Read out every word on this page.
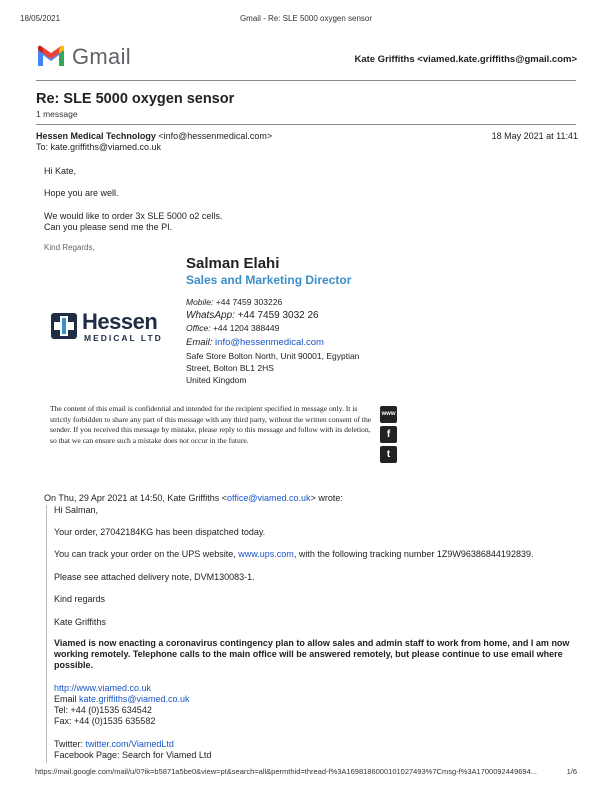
18/05/2021	Gmail - Re: SLE 5000 oxygen sensor
Gmail	Kate Griffiths <viamed.kate.griffiths@gmail.com>
Re: SLE 5000 oxygen sensor
1 message
Hessen Medical Technology <info@hessenmedical.com>	18 May 2021 at 11:41
To: kate.griffiths@viamed.co.uk
Hi Kate,
Hope you are well.
We would like to order 3x SLE 5000 o2 cells.
Can you please send me the PI.
Kind Regards,
Salman Elahi
Sales and Marketing Director
Hessen
MEDICAL LTD
Mobile: +44 7459 303226
WhatsApp: +44 7459 3032 26
Office: +44 1204 388449
Email: info@hessenmedical.com
Safe Store Bolton North, Unit 90001, Egyptian
Street, Bolton BL1 2HS
United Kingdom
The content of this email is confidential and intended for the recipient specified in message only. It is strictly forbidden to share any part of this message with any third party, without the written consent of the sender. If you received this message by mistake, please reply to this message and follow with its deletion, so that we can ensure such a mistake does not occur in the future.
www
f
t
On Thu, 29 Apr 2021 at 14:50, Kate Griffiths <office@viamed.co.uk> wrote:
Hi Salman,
Your order, 27042184KG has been dispatched today.
You can track your order on the UPS website, www.ups.com, with the following tracking number 1Z9W96386844192839.
Please see attached delivery note, DVM130083-1.
Kind regards
Kate Griffiths
Viamed is now enacting a coronavirus contingency plan to allow sales and admin staff to work from home, and I am now working remotely. Telephone calls to the main office will be answered remotely, but please continue to use email where possible.
http://www.viamed.co.uk
Email kate.griffiths@viamed.co.uk
Tel: +44 (0)1535 634542
Fax: +44 (0)1535 635582
Twitter: twitter.com/ViamedLtd
Facebook Page: Search for Viamed Ltd
https://mail.google.com/mail/u/0?ik=b5871a5be0&view=pt&search=all&permthid=thread-f%3A1698186000101027493%7Cmsg-f%3A1700092449694...	1/6
